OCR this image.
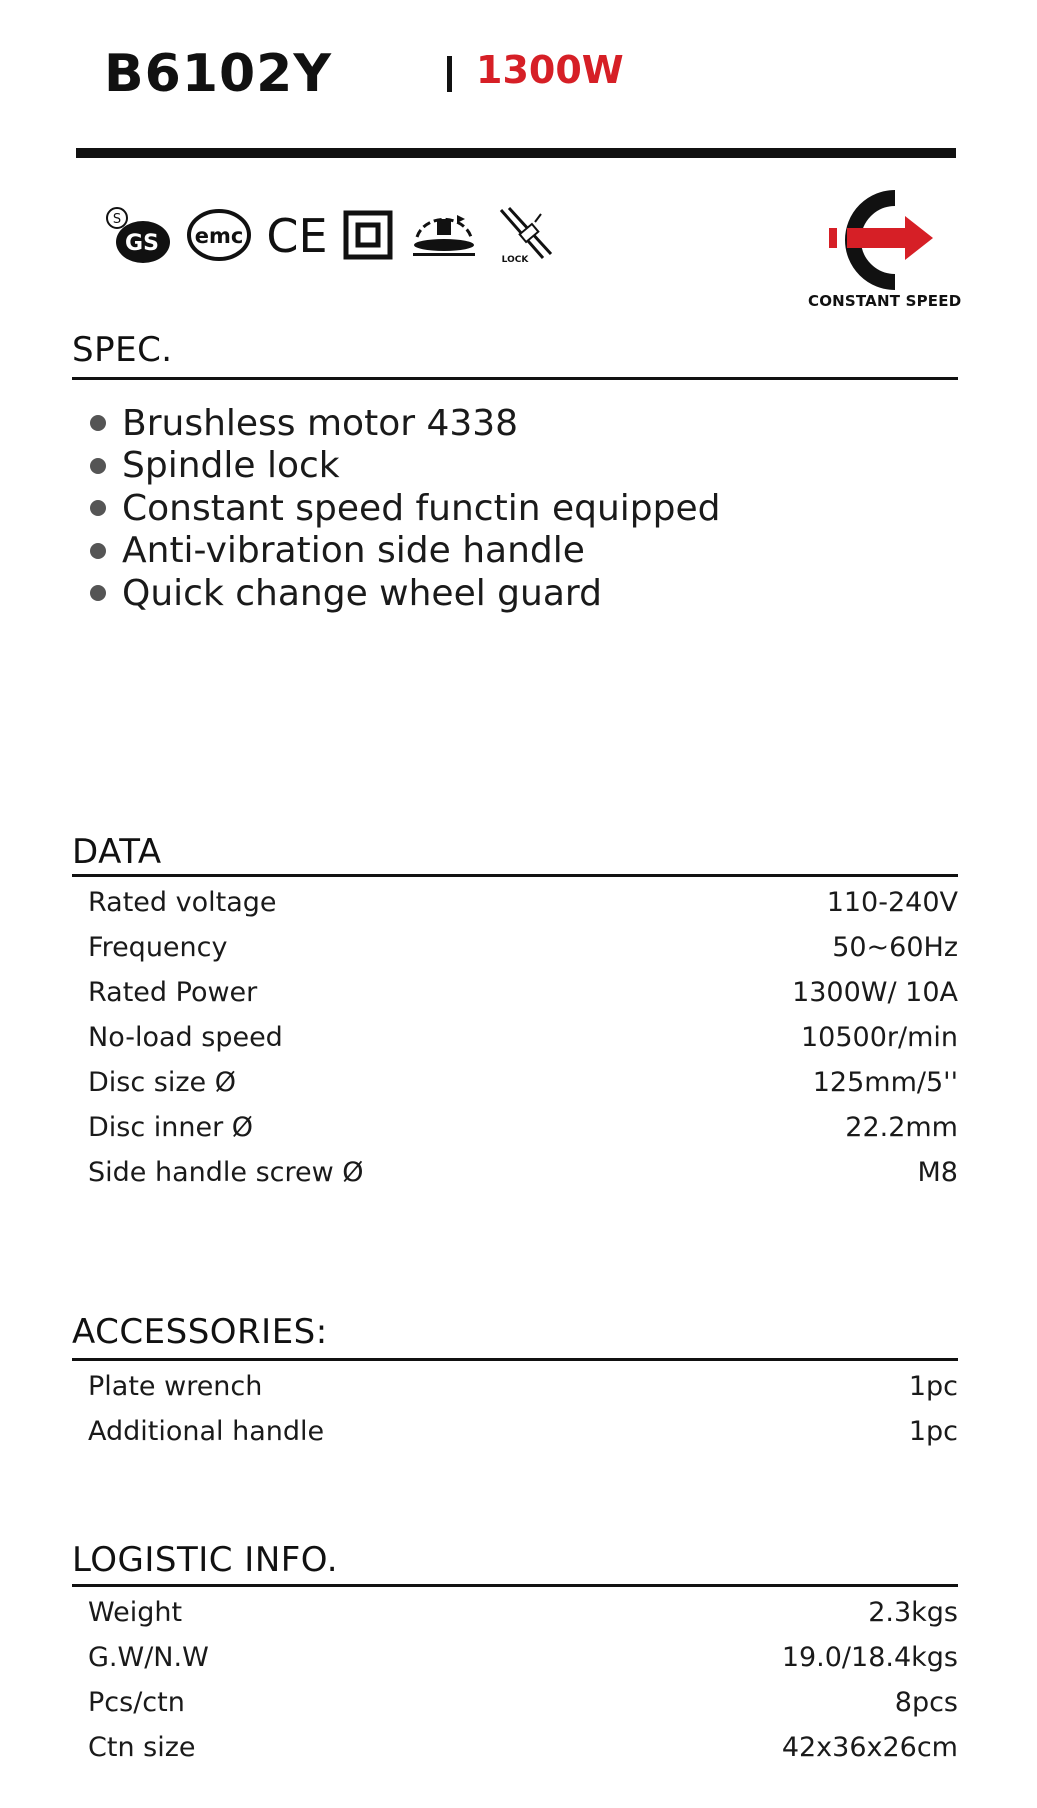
B6102Y	1300W
S
GS emc CE	LOCK
CONSTANT SPEED
SPEC.
Brushless motor 4338
Spindle lock
Constant speed functin equipped
Anti-vibration side handle
Quick change wheel guard
DATA
Rated voltage	110-240V
Frequency	50~60Hz
Rated Power	1300W/ 10A
No-load speed	10500r/min
Disc size Ø	125mm/5''
Disc inner Ø	22.2mm
Side handle screw Ø	M8
ACCESSORIES:
Plate wrench	1pc
Additional handle	1pc
LOGISTIC INFO.
Weight	2.3kgs
G.W/N.W	19.0/18.4kgs
Pcs/ctn	8pcs
Ctn size	42x36x26cm
